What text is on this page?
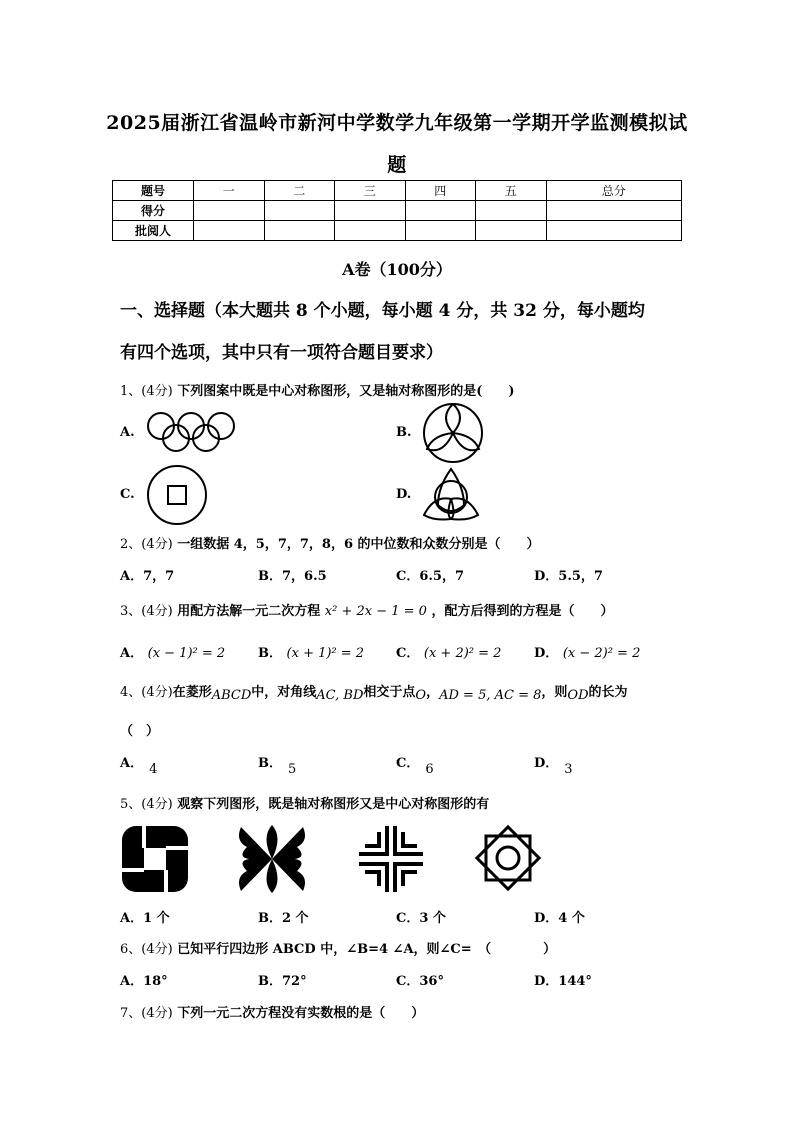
2025届浙江省温岭市新河中学数学九年级第一学期开学监测模拟试
题
题号	一	二	三	四	五	总分
得分						
批阅人						
A卷（100分）
一、选择题（本大题共 8 个小题，每小题 4 分，共 32 分，每小题均
有四个选项，其中只有一项符合题目要求）
1、(4分) 下列图案中既是中心对称图形，又是轴对称图形的是(　　)
A.	B.
C.	D.
2、(4分) 一组数据 4，5，7，7，8，6 的中位数和众数分别是（　　）
A．7，7	B．7，6.5	C．6.5，7	D．5.5，7
3、(4分) 用配方法解一元二次方程 x² + 2x − 1 = 0 ，配方后得到的方程是（　　）
A． (x − 1)² = 2	B． (x + 1)² = 2 C． (x + 2)² = 2	D． (x − 2)² = 2
4、(4分)在菱形ABCD中，对角线AC, BD相交于点O，AD = 5, AC = 8，则OD的长为
（　）
A． 4	B． 5	C． 6	D． 3
5、(4分) 观察下列图形，既是轴对称图形又是中心对称图形的有
A．1 个	B．2 个	C．3 个	D．4 个
6、(4分) 已知平行四边形 ABCD 中，∠B=4 ∠A，则∠C=　（　　　　）
A．18°	B．72°	C．36°	D．144°
7、(4分) 下列一元二次方程没有实数根的是（　　）
